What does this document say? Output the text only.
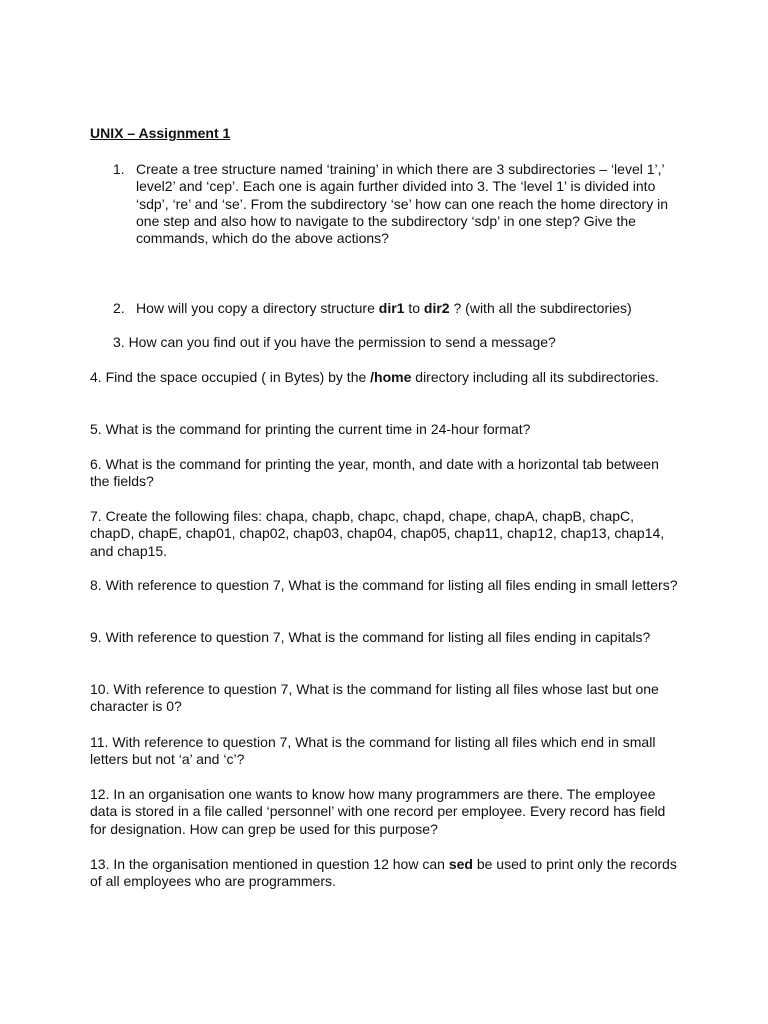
UNIX – Assignment 1
1. Create a tree structure named ‘training’ in which there are 3 subdirectories – ‘level 1’,’ level2’ and ‘cep’. Each one is again further divided into 3. The ‘level 1’ is divided into ‘sdp’, ‘re’ and ‘se’. From the subdirectory ‘se’ how can one reach the home directory in one step and also how to navigate to the subdirectory ‘sdp’ in one step? Give the commands, which do the above actions?
2. How will you copy a directory structure dir1 to dir2 ? (with all the subdirectories)
3. How can you find out if you have the permission to send a message?
4. Find the space occupied ( in Bytes) by the /home directory including all its subdirectories.
5. What is the command for printing the current time in 24-hour format?
6. What is the command for printing the year, month, and date with a horizontal tab between the fields?
7. Create the following files: chapa, chapb, chapc, chapd, chape, chapA, chapB, chapC, chapD, chapE, chap01, chap02, chap03, chap04, chap05, chap11, chap12, chap13, chap14, and chap15.
8. With reference to question 7, What is the command for listing all files ending in small letters?
9. With reference to question 7, What is the command for listing all files ending in capitals?
10. With reference to question 7, What is the command for listing all files whose last but one character is 0?
11. With reference to question 7, What is the command for listing all files which end in small letters but not ‘a’ and ‘c’?
12. In an organisation one wants to know how many programmers are there. The employee data is stored in a file called ‘personnel’ with one record per employee. Every record has field for designation. How can grep be used for this purpose?
13. In the organisation mentioned in question 12 how can sed be used to print only the records of all employees who are programmers.
